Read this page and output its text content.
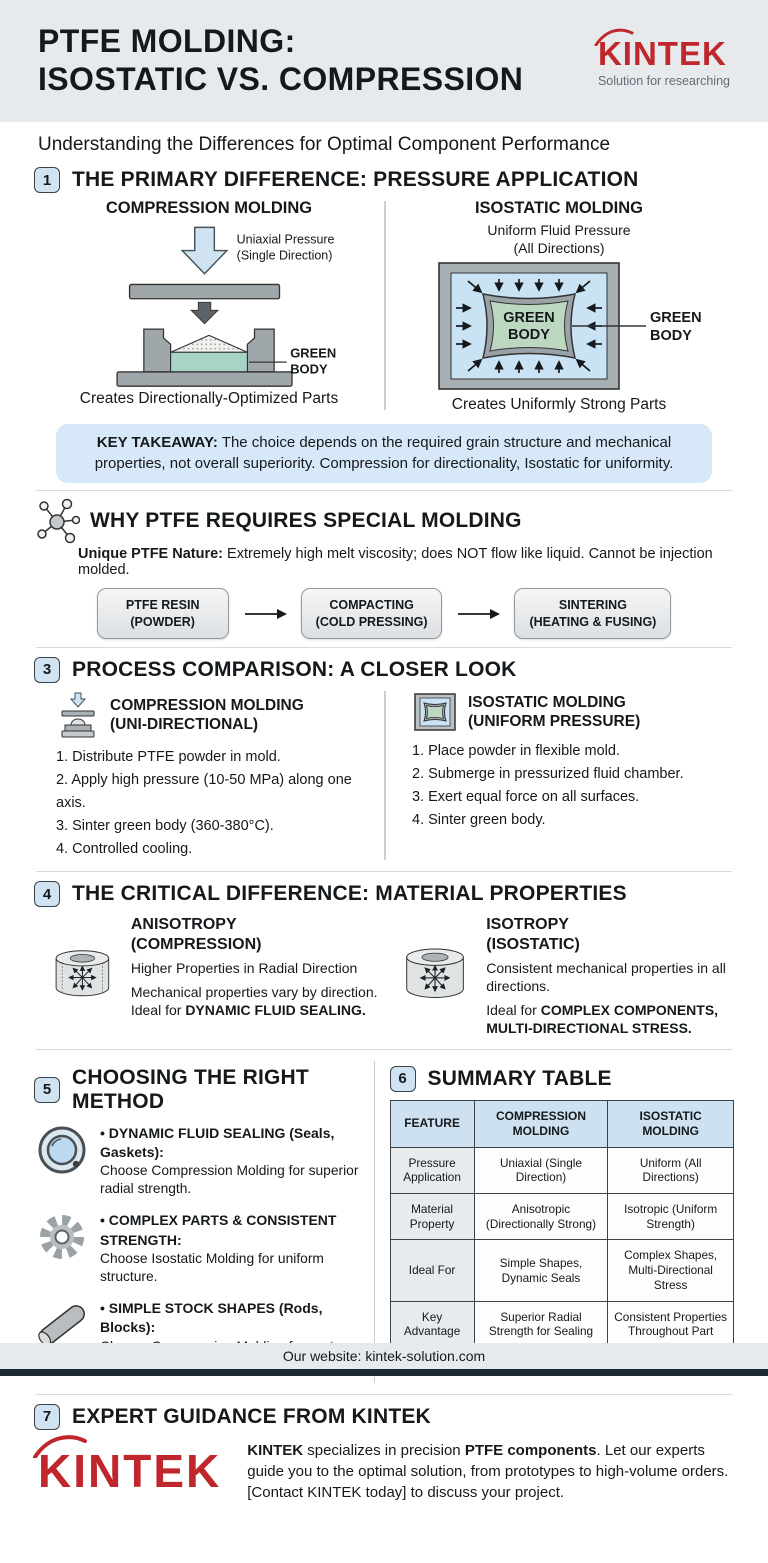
PTFE MOLDING:
ISOSTATIC VS. COMPRESSION
KINTEK
Solution for researching
Understanding the Differences for Optimal Component Performance
1 THE PRIMARY DIFFERENCE: PRESSURE APPLICATION
COMPRESSION MOLDING
Uniaxial Pressure
(Single Direction)
GREEN
BODY
Creates Directionally-Optimized Parts
ISOSTATIC MOLDING
Uniform Fluid Pressure
(All Directions)
GREEN
BODY
GREEN
BODY
Creates Uniformly Strong Parts
KEY TAKEAWAY: The choice depends on the required grain structure and mechanical properties, not overall superiority. Compression for directionality, Isostatic for uniformity.
WHY PTFE REQUIRES SPECIAL MOLDING
Unique PTFE Nature: Extremely high melt viscosity; does NOT flow like liquid. Cannot be injection molded.
PTFE RESIN
(POWDER)
COMPACTING
(COLD PRESSING)
SINTERING
(HEATING & FUSING)
3 PROCESS COMPARISON: A CLOSER LOOK
COMPRESSION MOLDING
(UNI-DIRECTIONAL)
1. Distribute PTFE powder in mold.
2. Apply high pressure (10-50 MPa) along one axis.
3. Sinter green body (360-380°C).
4. Controlled cooling.
ISOSTATIC MOLDING
(UNIFORM PRESSURE)
1. Place powder in flexible mold.
2. Submerge in pressurized fluid chamber.
3. Exert equal force on all surfaces.
4. Sinter green body.
4 THE CRITICAL DIFFERENCE: MATERIAL PROPERTIES
ANISOTROPY
(COMPRESSION)
Higher Properties in Radial Direction
Mechanical properties vary by direction. Ideal for DYNAMIC FLUID SEALING.
ISOTROPY
(ISOSTATIC)
Consistent mechanical properties in all directions.
Ideal for COMPLEX COMPONENTS, MULTI-DIRECTIONAL STRESS.
5
CHOOSING THE RIGHT METHOD
• DYNAMIC FLUID SEALING (Seals, Gaskets):
Choose Compression Molding for superior radial strength.
• COMPLEX PARTS & CONSISTENT STRENGTH:
Choose Isostatic Molding for uniform structure.
• SIMPLE STOCK SHAPES (Rods, Blocks):

6 SUMMARY TABLE
FEATURE	COMPRESSION MOLDING	ISOSTATIC MOLDING
Pressure Application	Uniaxial (Single Direction)	Uniform (All Directions)
Material Property	Anisotropic (Directionally Strong)	Isotropic (Uniform Strength)
Ideal For	Simple Shapes, Dynamic Seals	Complex Shapes, Multi-Directional Stress
Key Advantage	Superior Radial Strength for Sealing	Consistent Properties Throughout Part
7 EXPERT GUIDANCE FROM KINTEK
KINTEK KINTEK specializes in precision PTFE components. Let our experts guide you to the optimal solution, from prototypes to high-volume orders. [Contact KINTEK today] to discuss your project.
Our website: kintek-solution.com
